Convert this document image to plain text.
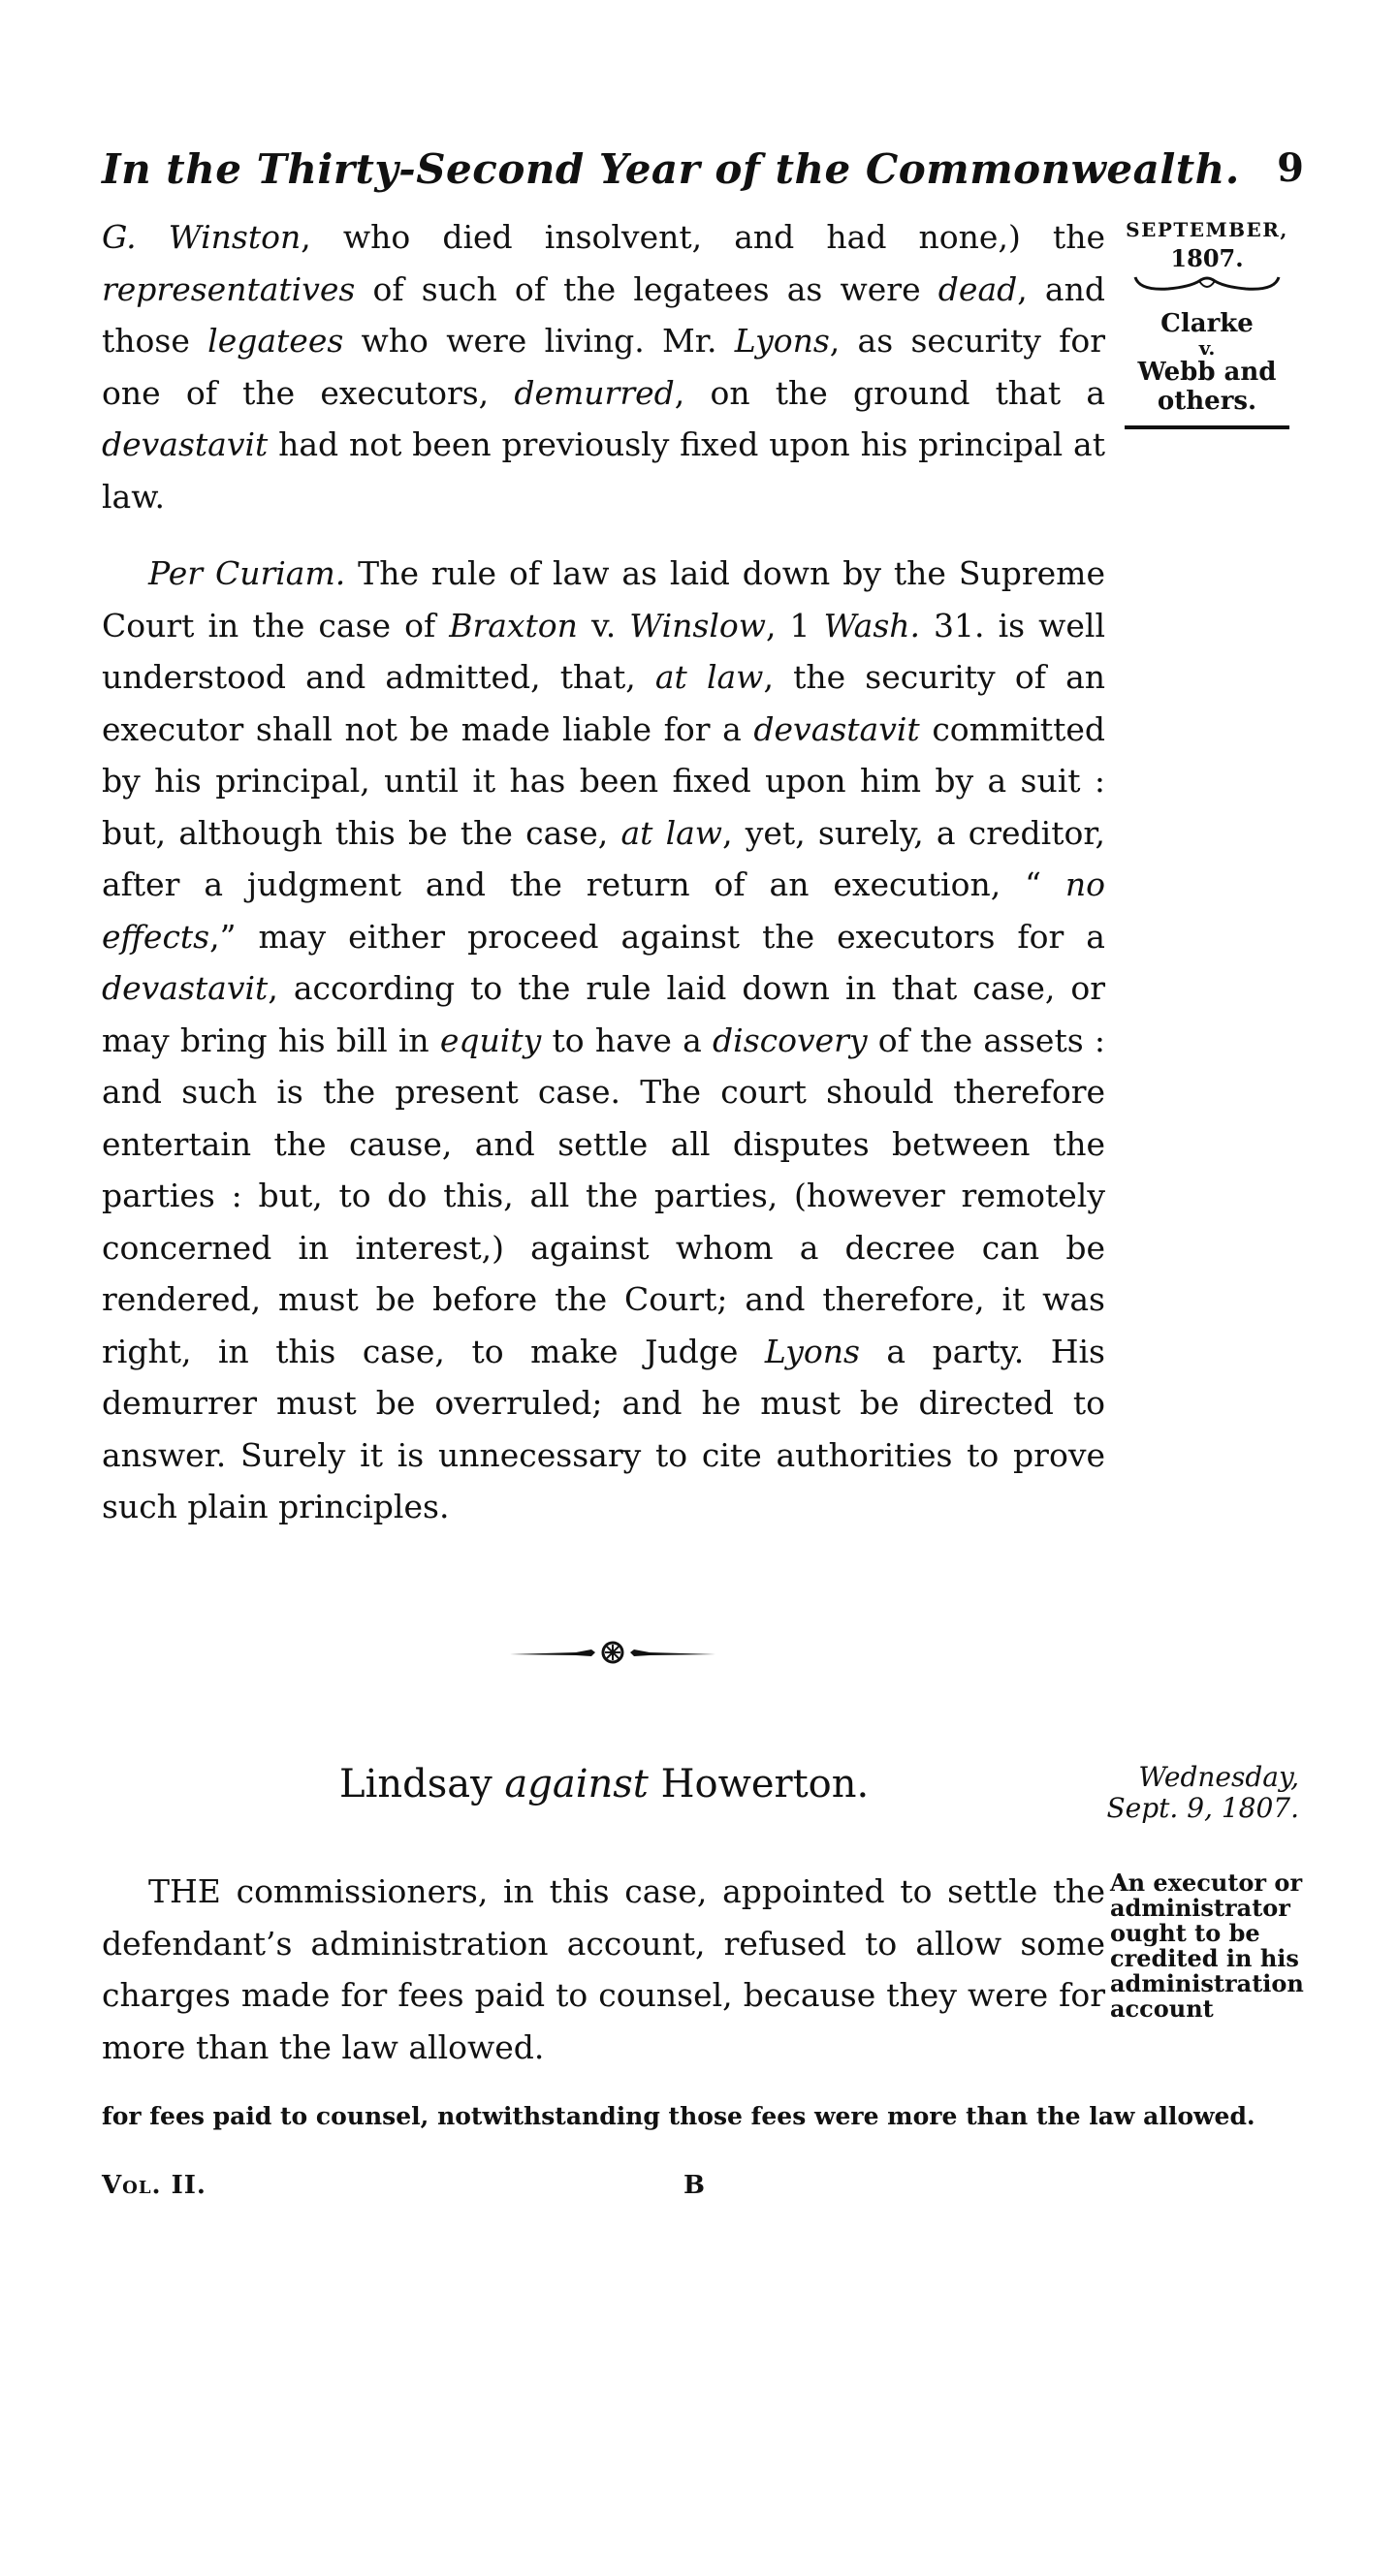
In the Thirty-Second Year of the Commonwealth. 9
SEPTEMBER,
1807.
Clarke
v.
Webb and
others.

G. Winston, who died insolvent, and had none,) the representatives of such of the legatees as were dead, and those legatees who were living. Mr. Lyons, as security for one of the executors, demurred, on the ground that a devastavit had not been previously fixed upon his principal at law.

Per Curiam. The rule of law as laid down by the Supreme Court in the case of Braxton v. Winslow, 1 Wash. 31. is well understood and admitted, that, at law, the security of an executor shall not be made liable for a devastavit committed by his principal, until it has been fixed upon him by a suit : but, although this be the case, at law, yet, surely, a creditor, after a judgment and the return of an execution, “ no effects,” may either proceed against the executors for a devastavit, according to the rule laid down in that case, or may bring his bill in equity to have a discovery of the assets : and such is the present case. The court should therefore entertain the cause, and settle all disputes between the parties : but, to do this, all the parties, (however remotely concerned in interest,) against whom a decree can be rendered, must be before the Court; and therefore, it was right, in this case, to make Judge Lyons a party. His demurrer must be overruled; and he must be directed to answer. Surely it is unnecessary to cite authorities to prove such plain principles.

Lindsay against Howerton.	Wednesday,
Sept. 9, 1807.

THE commissioners, in this case, appointed to settle the defendant’s administration account, refused to allow some charges made for fees paid to counsel, because they were for more than the law allowed.

An executor or administrator ought to be credited in his administration account
for fees paid to counsel, notwithstanding those fees were more than the law allowed.
Vol. II.	B
